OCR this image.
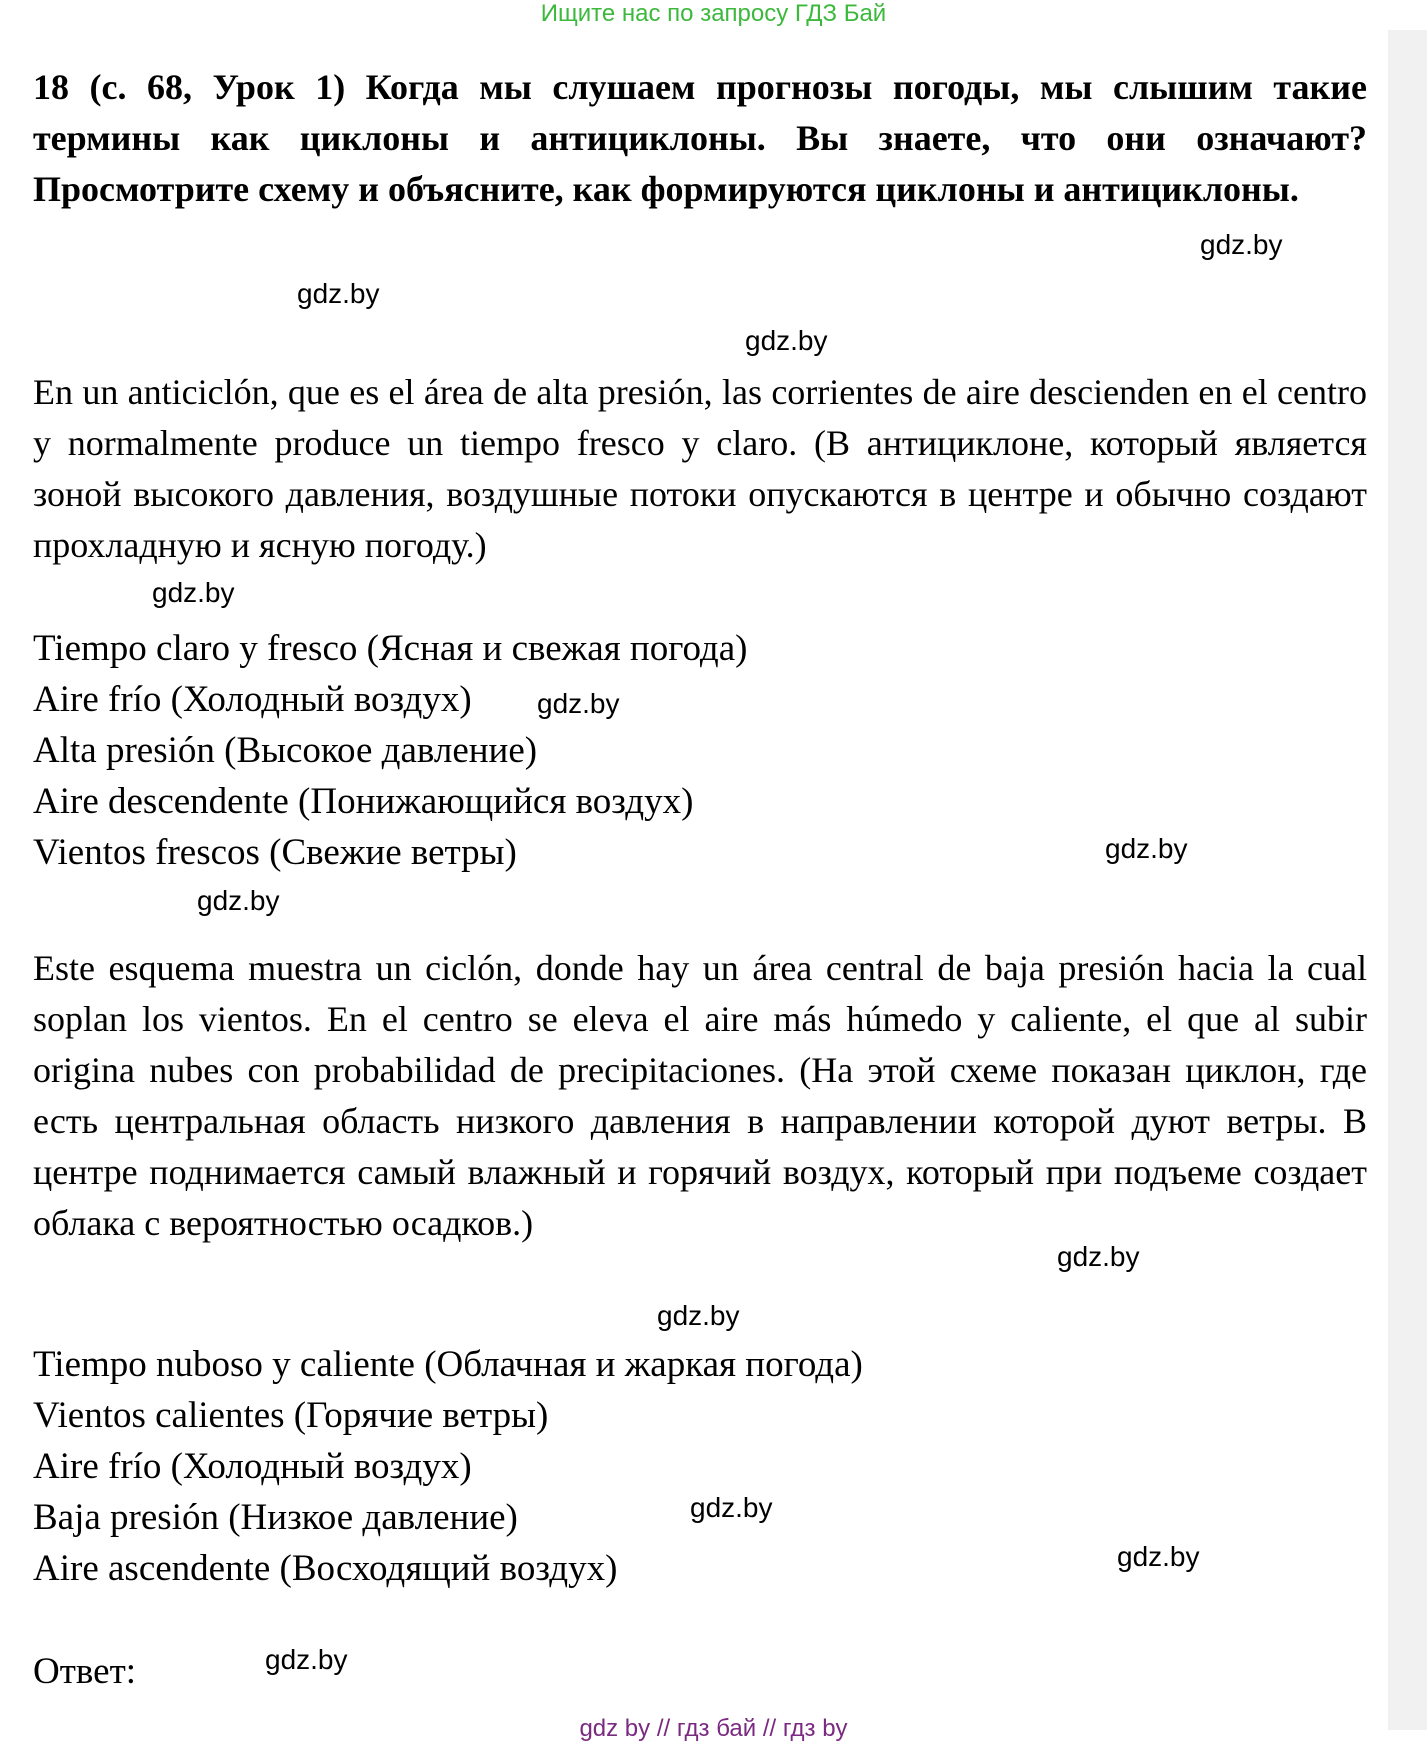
Ищите нас по запросу ГДЗ Бай
18 (с. 68, Урок 1) Когда мы слушаем прогнозы погоды, мы слышим такие термины как циклоны и антициклоны. Вы знаете, что они означают? Просмотрите схему и объясните, как формируются циклоны и антициклоны.
gdz.by
gdz.by
gdz.by
En un anticiclón, que es el área de alta presión, las corrientes de aire descienden en el centro y normalmente produce un tiempo fresco y claro. (В антициклоне, который является зоной высокого давления, воздушные потоки опускаются в центре и обычно создают прохладную и ясную погоду.)
gdz.by
Tiempo claro y fresco (Ясная и свежая погода)
Aire frío (Холодный воздух)
Alta presión (Высокое давление)
Aire descendente (Понижающийся воздух)
Vientos frescos (Свежие ветры)
gdz.by
gdz.by
gdz.by
Este esquema muestra un ciclón, donde hay un área central de baja presión hacia la cual soplan los vientos. En el centro se eleva el aire más húmedo y caliente, el que al subir origina nubes con probabilidad de precipitaciones. (На этой схеме показан циклон, где есть центральная область низкого давления в направлении которой дуют ветры. В центре поднимается самый влажный и горячий воздух, который при подъеме создает облака с вероятностью осадков.)
gdz.by
gdz.by
Tiempo nuboso y caliente (Облачная и жаркая погода)
Vientos calientes (Горячие ветры)
Aire frío (Холодный воздух)
Baja presión (Низкое давление)
Aire ascendente (Восходящий воздух)
gdz.by
gdz.by
Ответ:	gdz.by
gdz by // гдз бай // гдз by
